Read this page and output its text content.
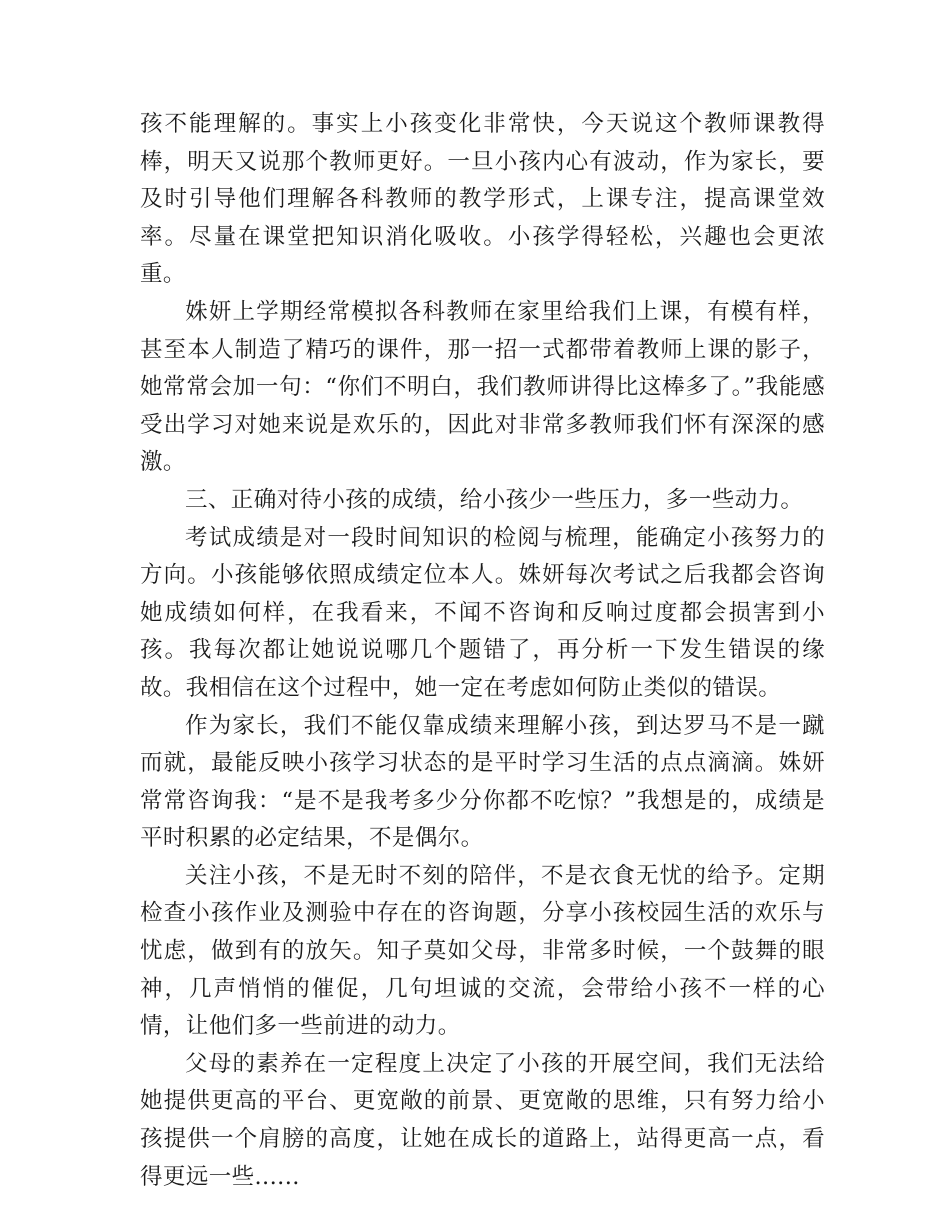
孩不能理解的。事实上小孩变化非常快，今天说这个教师课教得棒，明天又说那个教师更好。一旦小孩内心有波动，作为家长，要及时引导他们理解各科教师的教学形式，上课专注，提高课堂效率。尽量在课堂把知识消化吸收。小孩学得轻松，兴趣也会更浓重。

姝妍上学期经常模拟各科教师在家里给我们上课，有模有样，甚至本人制造了精巧的课件，那一招一式都带着教师上课的影子，她常常会加一句：“你们不明白，我们教师讲得比这棒多了。”我能感受出学习对她来说是欢乐的，因此对非常多教师我们怀有深深的感激。

三、正确对待小孩的成绩，给小孩少一些压力，多一些动力。

考试成绩是对一段时间知识的检阅与梳理，能确定小孩努力的方向。小孩能够依照成绩定位本人。姝妍每次考试之后我都会咨询她成绩如何样，在我看来，不闻不咨询和反响过度都会损害到小孩。我每次都让她说说哪几个题错了，再分析一下发生错误的缘故。我相信在这个过程中，她一定在考虑如何防止类似的错误。

作为家长，我们不能仅靠成绩来理解小孩，到达罗马不是一蹴而就，最能反映小孩学习状态的是平时学习生活的点点滴滴。姝妍常常咨询我：“是不是我考多少分你都不吃惊？”我想是的，成绩是平时积累的必定结果，不是偶尔。

关注小孩，不是无时不刻的陪伴，不是衣食无忧的给予。定期检查小孩作业及测验中存在的咨询题，分享小孩校园生活的欢乐与忧虑，做到有的放矢。知子莫如父母，非常多时候，一个鼓舞的眼神，几声悄悄的催促，几句坦诚的交流，会带给小孩不一样的心情，让他们多一些前进的动力。

父母的素养在一定程度上决定了小孩的开展空间，我们无法给她提供更高的平台、更宽敞的前景、更宽敞的思维，只有努力给小孩提供一个肩膀的高度，让她在成长的道路上，站得更高一点，看得更远一些......
